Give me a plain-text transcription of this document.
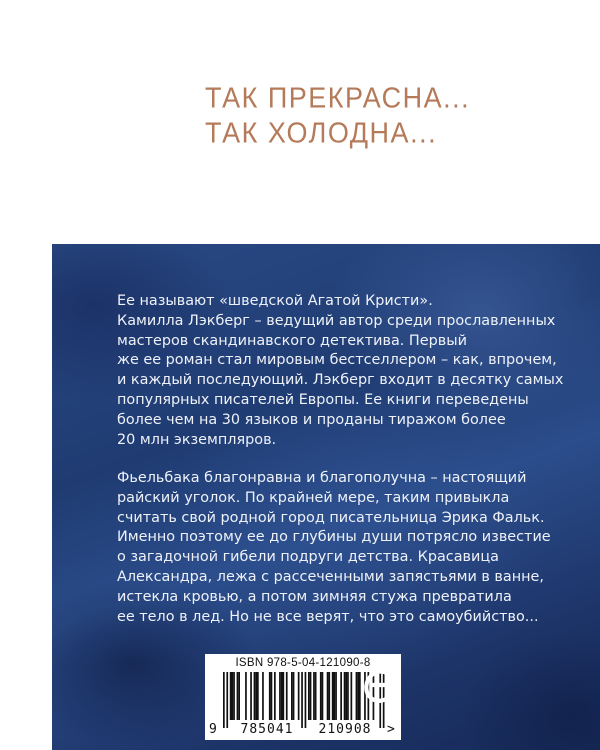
ТАК ПРЕКРАСНА...
ТАК ХОЛОДНА...
Ее называют «шведской Агатой Кристи».
Камилла Лэкберг – ведущий автор среди прославленных
мастеров скандинавского детектива. Первый
же ее роман стал мировым бестселлером – как, впрочем,
и каждый последующий. Лэкберг входит в десятку самых
популярных писателей Европы. Ее книги переведены
более чем на 30 языков и проданы тиражом более
20 млн экземпляров.
Фьельбака благонравна и благополучна – настоящий
райский уголок. По крайней мере, таким привыкла
считать свой родной город писательница Эрика Фальк.
Именно поэтому ее до глубины души потрясло известие
о загадочной гибели подруги детства. Красавица
Александра, лежа с рассеченными запястьями в ванне,
истекла кровью, а потом зимняя стужа превратила
ее тело в лед. Но не все верят, что это самоубийство...
ISBN 978-5-04-121090-8
9	785041	210908	>
